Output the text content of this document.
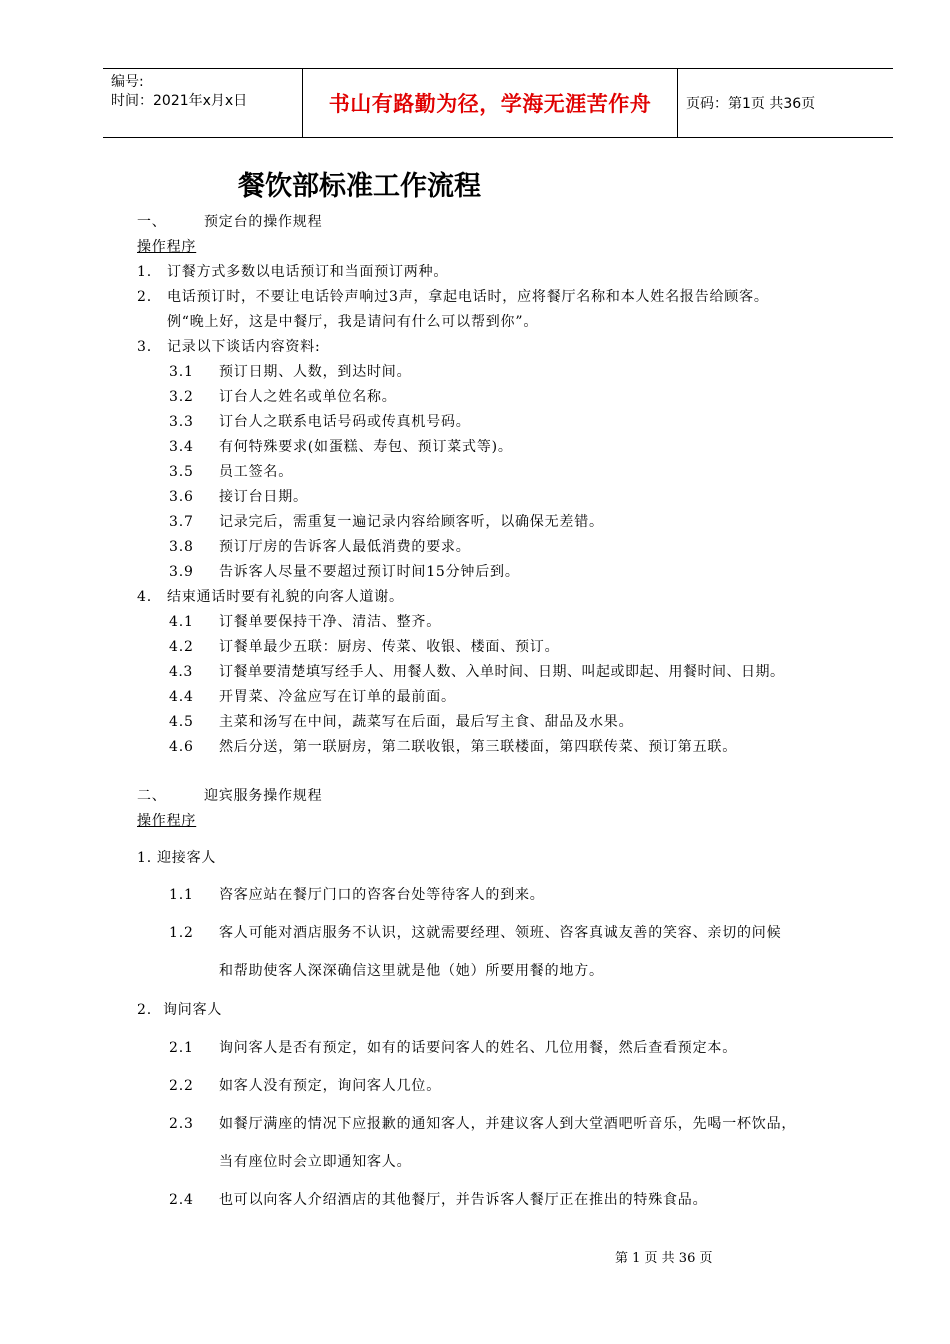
编号:
时间：2021年x月x日	书山有路勤为径，学海无涯苦作舟	页码：第1页 共36页
餐饮部标准工作流程
一、	预定台的操作规程
操作程序
1. 订餐方式多数以电话预订和当面预订两种。
2. 电话预订时，不要让电话铃声响过3声，拿起电话时，应将餐厅名称和本人姓名报告给顾客。
例“晚上好，这是中餐厅，我是请问有什么可以帮到你”。
3. 记录以下谈话内容资料:
3.1 预订日期、人数，到达时间。
3.2 订台人之姓名或单位名称。
3.3 订台人之联系电话号码或传真机号码。
3.4 有何特殊要求(如蛋糕、寿包、预订菜式等)。
3.5 员工签名。
3.6 接订台日期。
3.7 记录完后，需重复一遍记录内容给顾客听，以确保无差错。
3.8 预订厅房的告诉客人最低消费的要求。
3.9 告诉客人尽量不要超过预订时间15分钟后到。
4. 结束通话时要有礼貌的向客人道谢。
4.1 订餐单要保持干净、清洁、整齐。
4.2 订餐单最少五联：厨房、传菜、收银、楼面、预订。
4.3 订餐单要清楚填写经手人、用餐人数、入单时间、日期、叫起或即起、用餐时间、日期。
4.4 开胃菜、冷盆应写在订单的最前面。
4.5 主菜和汤写在中间，蔬菜写在后面，最后写主食、甜品及水果。
4.6 然后分送，第一联厨房，第二联收银，第三联楼面，第四联传菜、预订第五联。
二、	迎宾服务操作规程
操作程序
1. 迎接客人
1.1 咨客应站在餐厅门口的咨客台处等待客人的到来。
1.2 客人可能对酒店服务不认识，这就需要经理、领班、咨客真诚友善的笑容、亲切的问候
和帮助使客人深深确信这里就是他（她）所要用餐的地方。
2. 询问客人
2.1 询问客人是否有预定，如有的话要问客人的姓名、几位用餐，然后查看预定本。
2.2 如客人没有预定，询问客人几位。
2.3 如餐厅满座的情况下应报歉的通知客人，并建议客人到大堂酒吧听音乐，先喝一杯饮品，
当有座位时会立即通知客人。
2.4 也可以向客人介绍酒店的其他餐厅，并告诉客人餐厅正在推出的特殊食品。
第 1 页 共 36 页
